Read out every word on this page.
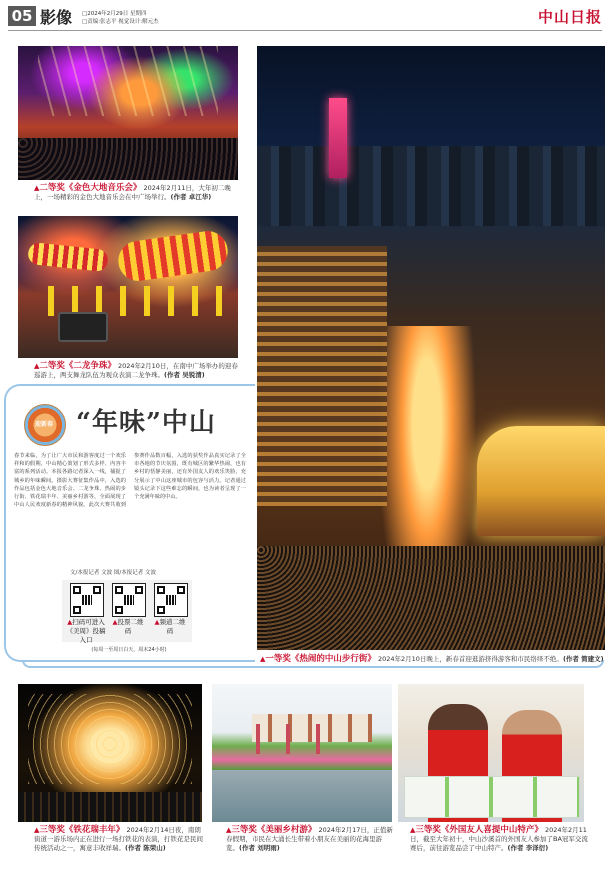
05 影像 □2024年2月29日 星期四
□责编:张志平 视觉设计:解元杰	中山日报
▲二等奖《金色大地音乐会》 2024年2月11日，大年初二晚上，一场精彩的金色大地音乐会在中广场举行。(作者 卓江华)
▲二等奖《二龙争珠》 2024年2月10日，在南中广场举办的迎春巡游上，两支舞龙队伍为观众表演二龙争珠。(作者 吴锐清)
迎新春 “年味”中山
春节来临，为了让广大市民和游客度过一个欢乐祥和的假期，中山精心策划了形式多样、内容丰富的系列活动。本报各路记者深入一线，捕捉了城乡的年味瞬间。摄影大赛征集作品中，入选的作品包括金色大地音乐会、二龙争珠、热闹的步行街、铁花瑞丰年、美丽乡村游等，全面展现了中山人民欢度新春的精神风貌。此次大赛共收到参赛作品数百幅，入选的获奖作品真实记录了全市各地的节庆氛围，既有城区的繁华热闹，也有乡村的恬静美丽，还有外国友人的欢乐笑脸，充分展示了中山这座城市的包容与活力。记者通过镜头记录下这些难忘的瞬间，也为读者呈现了一个充满年味的中山。
文/本报记者 文波 图/本报记者 文波
▲扫码可进入《美周》投稿入口
▲投票二维码
▲频道二维码
(每周一至周日白天，周末24小时)
▲一等奖《热闹的中山步行街》 2024年2月10日晚上，新春首迎逛游挤得游客和市民络绎不绝。(作者 简建文)
▲三等奖《铁花瑞丰年》 2024年2月14日夜，南朗街道一游乐场内正在进行一场打铁花的表演，打铁花是民间传统活动之一，寓意丰收祥瑞。(作者 陈荣山)
▲三等奖《美丽乡村游》 2024年2月17日，正值新春假期，市民在大涌长生带着小朋友在美丽的花海里游览。(作者 刘明雨)
▲三等奖《外国友人喜提中山特产》 2024年2月11日，截至大年初十，中山沙溪首的外国友人参加了BA冠军交流赛后，前往游览品尝了中山特产。(作者 李泽衍)
